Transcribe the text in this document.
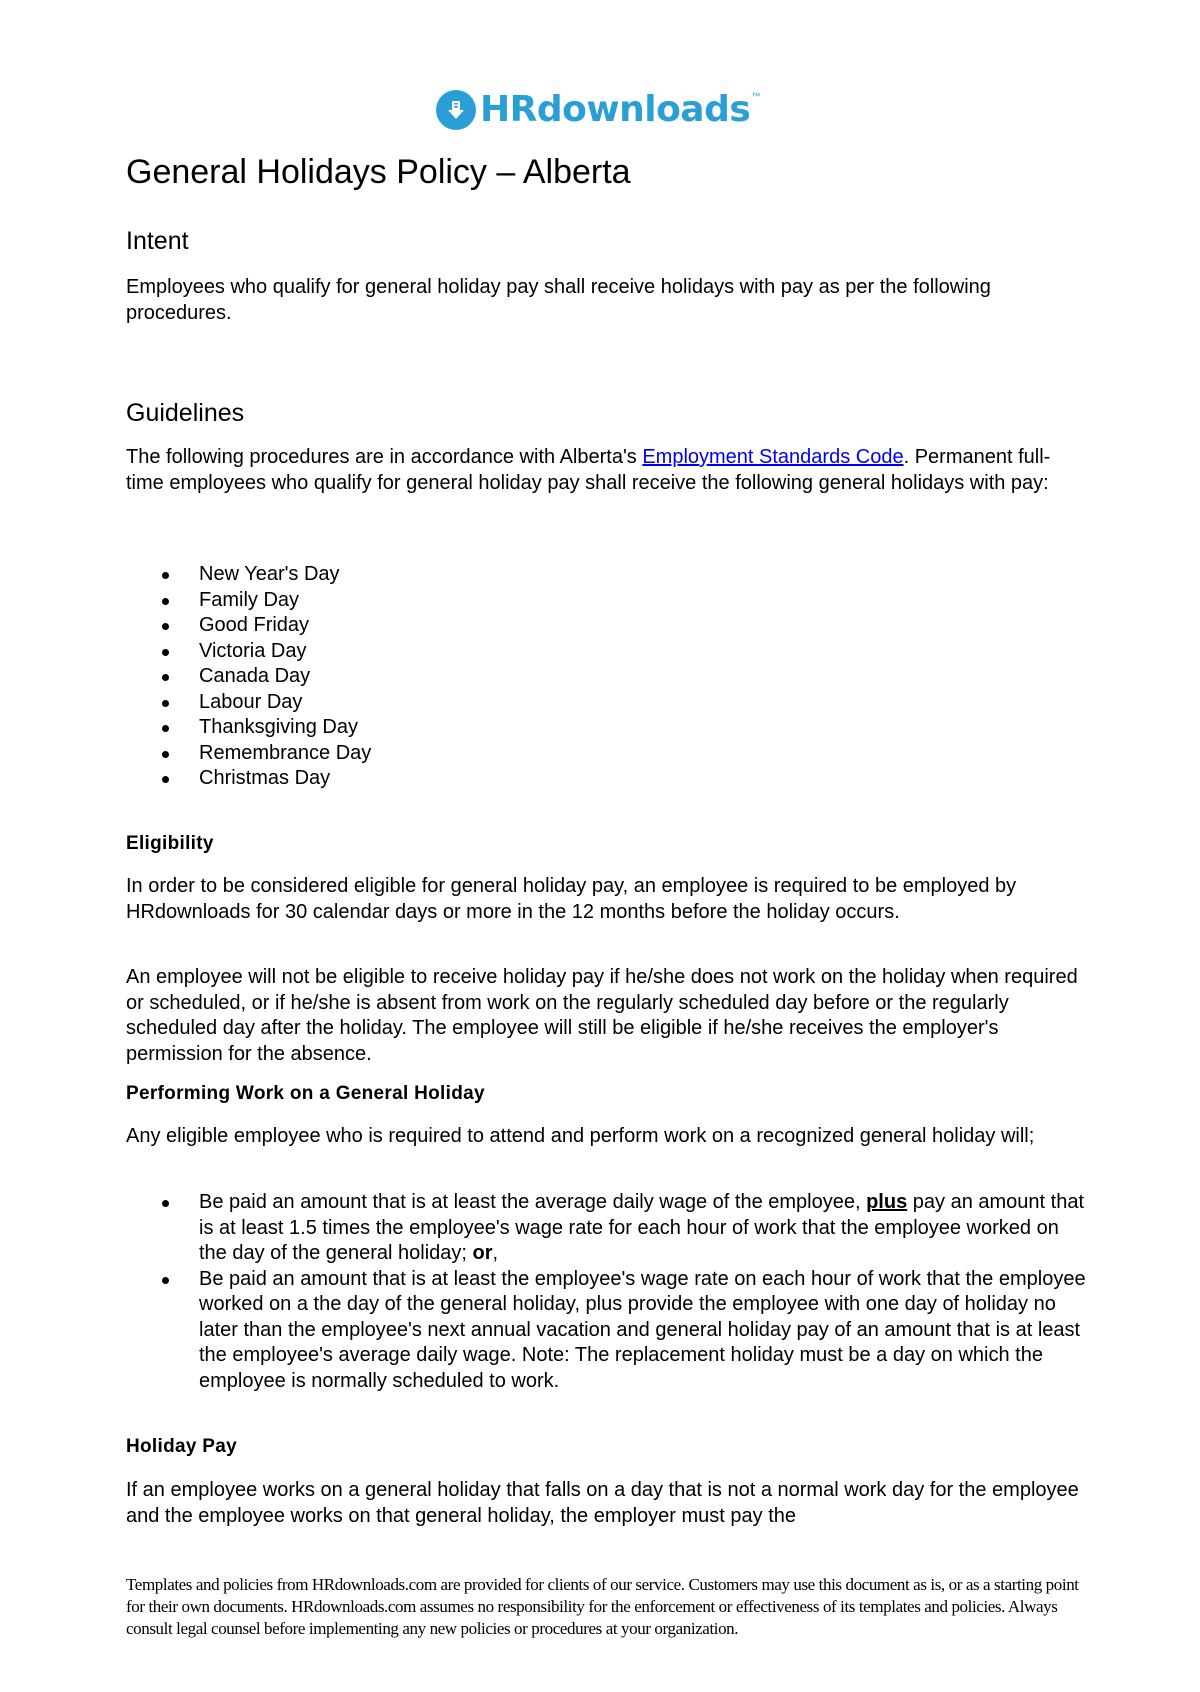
HRdownloads ™
General Holidays Policy – Alberta
Intent

Employees who qualify for general holiday pay shall receive holidays with pay as per the following procedures.

Guidelines

The following procedures are in accordance with Alberta's Employment Standards Code. Permanent full-time employees who qualify for general holiday pay shall receive the following general holidays with pay:

New Year's Day
Family Day
Good Friday
Victoria Day
Canada Day
Labour Day
Thanksgiving Day
Remembrance Day
Christmas Day
Eligibility

In order to be considered eligible for general holiday pay, an employee is required to be employed by HRdownloads for 30 calendar days or more in the 12 months before the holiday occurs.

An employee will not be eligible to receive holiday pay if he/she does not work on the holiday when required or scheduled, or if he/she is absent from work on the regularly scheduled day before or the regularly scheduled day after the holiday. The employee will still be eligible if he/she receives the employer's permission for the absence.

Performing Work on a General Holiday

Any eligible employee who is required to attend and perform work on a recognized general holiday will;

Be paid an amount that is at least the average daily wage of the employee, plus pay an amount that is at least 1.5 times the employee's wage rate for each hour of work that the employee worked on the day of the general holiday; or,
Be paid an amount that is at least the employee's wage rate on each hour of work that the employee worked on a the day of the general holiday, plus provide the employee with one day of holiday no later than the employee's next annual vacation and general holiday pay of an amount that is at least the employee's average daily wage. Note: The replacement holiday must be a day on which the employee is normally scheduled to work.
Holiday Pay

If an employee works on a general holiday that falls on a day that is not a normal work day for the employee and the employee works on that general holiday, the employer must pay the

Templates and policies from HRdownloads.com are provided for clients of our service. Customers may use this document as is, or as a starting point for their own documents. HRdownloads.com assumes no responsibility for the enforcement or effectiveness of its templates and policies. Always consult legal counsel before implementing any new policies or procedures at your organization.
